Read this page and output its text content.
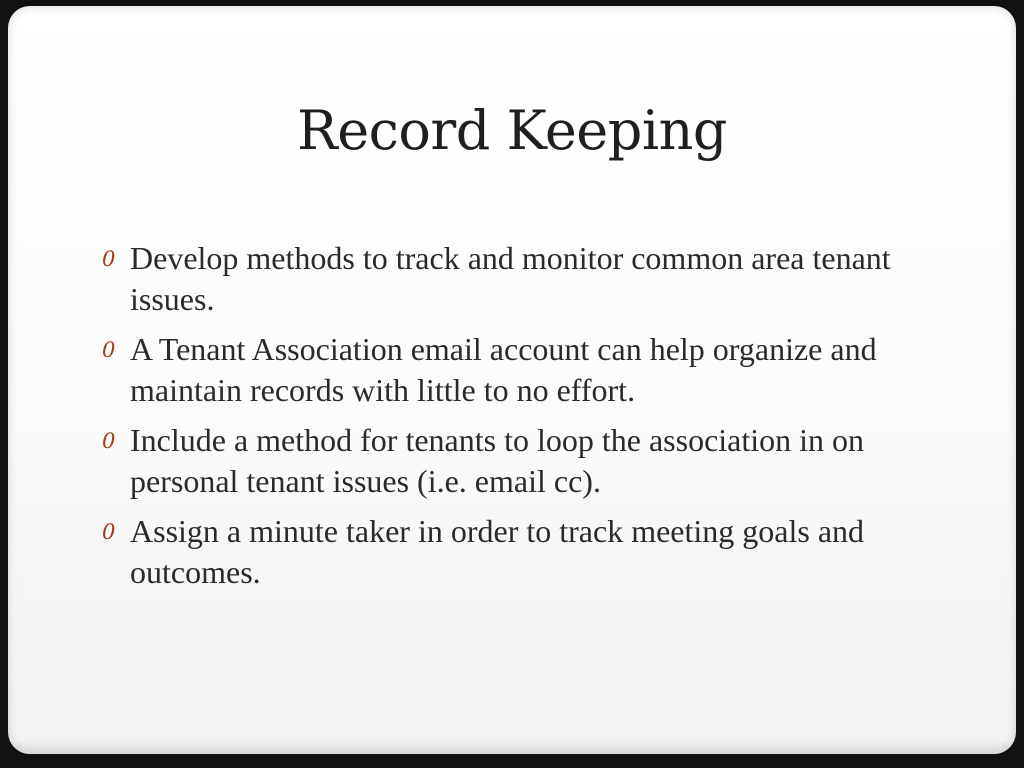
Record Keeping
0 Develop methods to track and monitor common area tenant issues.
0 A Tenant Association email account can help organize and maintain records with little to no effort.
0 Include a method for tenants to loop the association in on personal tenant issues (i.e. email cc).
0 Assign a minute taker in order to track meeting goals and outcomes.
